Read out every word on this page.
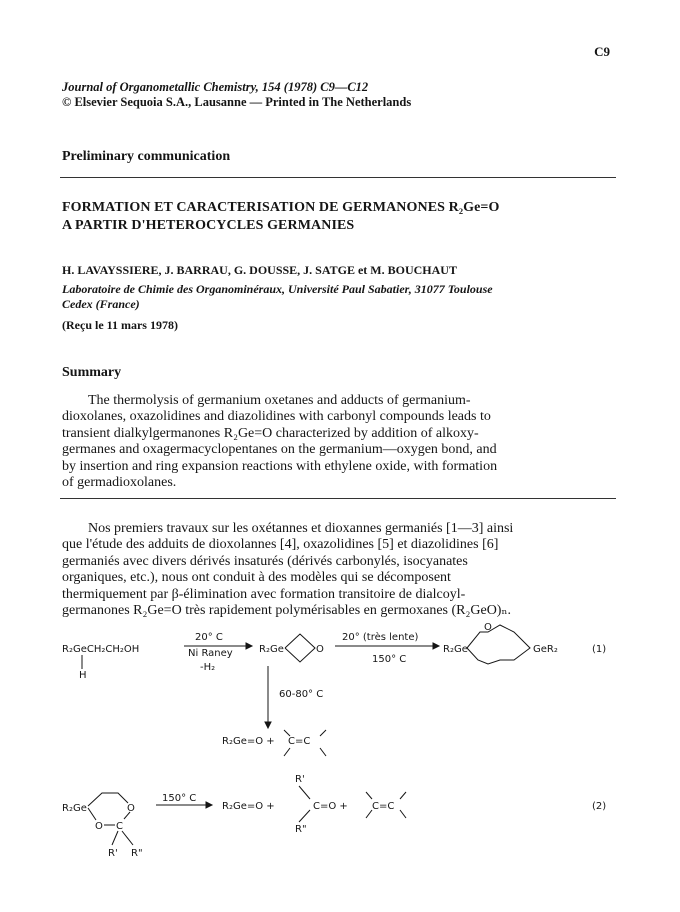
C9
Journal of Organometallic Chemistry, 154 (1978) C9—C12
© Elsevier Sequoia S.A., Lausanne — Printed in The Netherlands
Preliminary communication
FORMATION ET CARACTERISATION DE GERMANONES R₂Ge=O
A PARTIR D'HETEROCYCLES GERMANIES
H. LAVAYSSIERE, J. BARRAU, G. DOUSSE, J. SATGE et M. BOUCHAUT
Laboratoire de Chimie des Organominéraux, Université Paul Sabatier, 31077 Toulouse
Cedex (France)
(Reçu le 11 mars 1978)
Summary
The thermolysis of germanium oxetanes and adducts of germanium-
dioxolanes, oxazolidines and diazolidines with carbonyl compounds leads to
transient dialkylgermanones R₂Ge=O characterized by addition of alkoxy-
germanes and oxagermacyclopentanes on the germanium—oxygen bond, and
by insertion and ring expansion reactions with ethylene oxide, with formation
of germadioxolanes.
Nos premiers travaux sur les oxétannes et dioxannes germaniés [1—3] ainsi
que l'étude des adduits de dioxolannes [4], oxazolidines [5] et diazolidines [6]
germaniés avec divers dérivés insaturés (dérivés carbonylés, isocyanates
organiques, etc.), nous ont conduit à des modèles qui se décomposent
thermiquement par β-élimination avec formation transitoire de dialcoyl-
germanones R₂Ge=O très rapidement polymérisables en germoxanes (R₂GeO)ₙ.
R₂GeCH₂CH₂OH
H
20° C
Ni Raney
-H₂
R₂Ge	O
20° (très lente)
150° C
R₂Ge	GeR₂
O
(1)
60-80° C
R₂Ge=O + C=C
R₂Ge	O
O C
R' R"
150° C
R₂Ge=O +
R'
C=O +
R"
C=C	(2)
